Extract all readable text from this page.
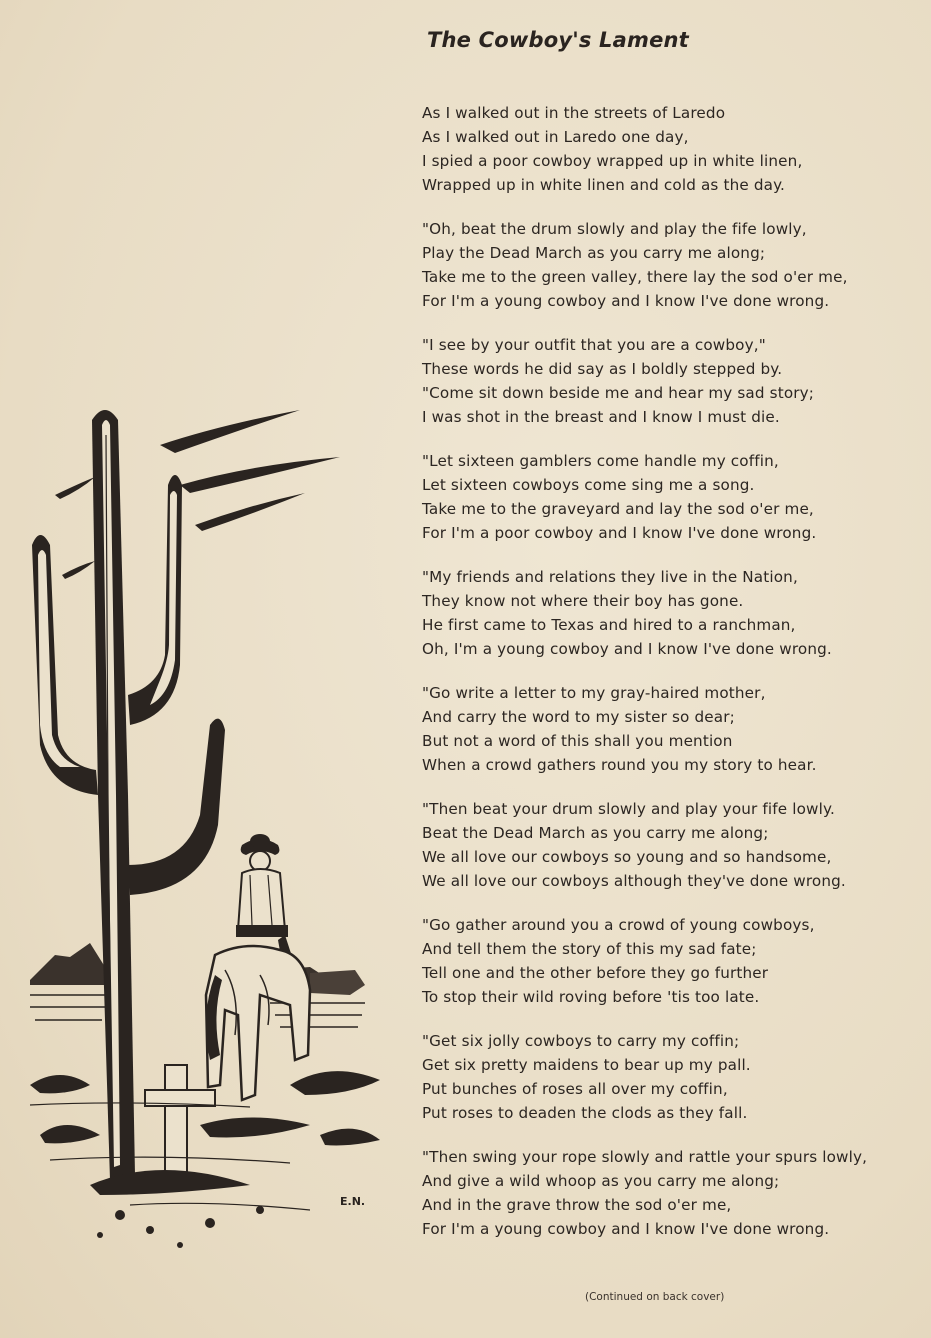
E.N.
The Cowboy's Lament
As I walked out in the streets of Laredo
As I walked out in Laredo one day,
I spied a poor cowboy wrapped up in white linen,
Wrapped up in white linen and cold as the day.
"Oh, beat the drum slowly and play the fife lowly,
Play the Dead March as you carry me along;
Take me to the green valley, there lay the sod o'er me,
For I'm a young cowboy and I know I've done wrong.
"I see by your outfit that you are a cowboy,"
These words he did say as I boldly stepped by.
"Come sit down beside me and hear my sad story;
I was shot in the breast and I know I must die.
"Let sixteen gamblers come handle my coffin,
Let sixteen cowboys come sing me a song.
Take me to the graveyard and lay the sod o'er me,
For I'm a poor cowboy and I know I've done wrong.
"My friends and relations they live in the Nation,
They know not where their boy has gone.
He first came to Texas and hired to a ranchman,
Oh, I'm a young cowboy and I know I've done wrong.
"Go write a letter to my gray-haired mother,
And carry the word to my sister so dear;
But not a word of this shall you mention
When a crowd gathers round you my story to hear.
"Then beat your drum slowly and play your fife lowly.
Beat the Dead March as you carry me along;
We all love our cowboys so young and so handsome,
We all love our cowboys although they've done wrong.
"Go gather around you a crowd of young cowboys,
And tell them the story of this my sad fate;
Tell one and the other before they go further
To stop their wild roving before 'tis too late.
"Get six jolly cowboys to carry my coffin;
Get six pretty maidens to bear up my pall.
Put bunches of roses all over my coffin,
Put roses to deaden the clods as they fall.
"Then swing your rope slowly and rattle your spurs lowly,
And give a wild whoop as you carry me along;
And in the grave throw the sod o'er me,
For I'm a young cowboy and I know I've done wrong.
(Continued on back cover)
